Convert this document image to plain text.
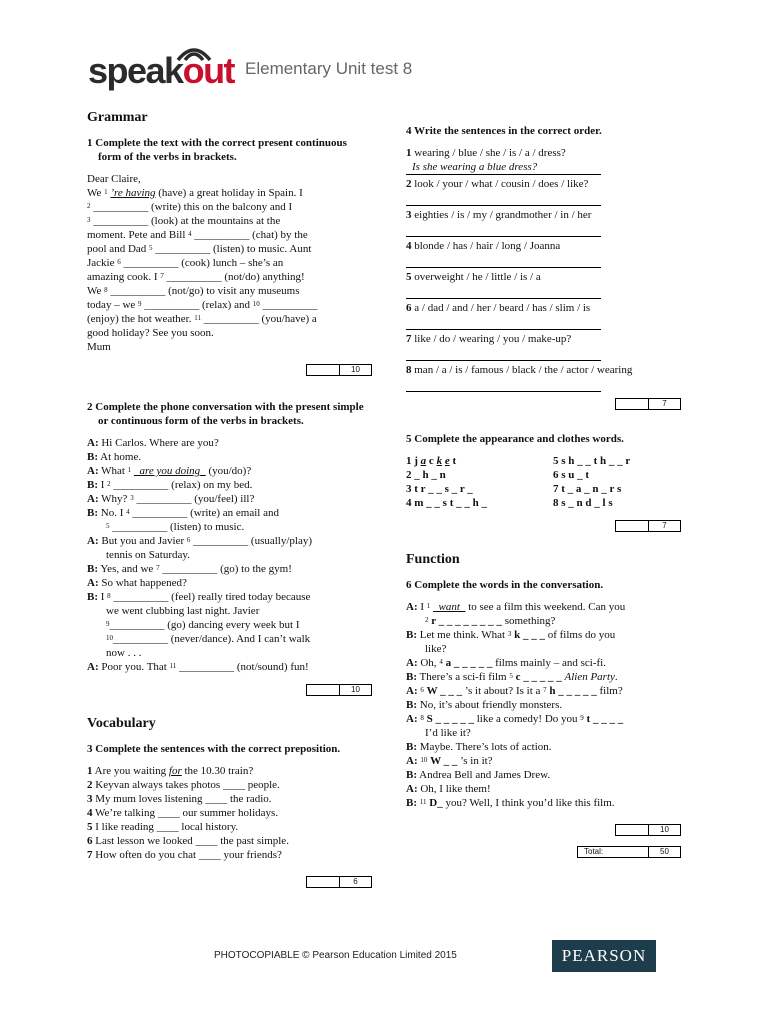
speakout Elementary Unit test 8
Grammar
1 Complete the text with the correct present continuous form of the verbs in brackets.
Dear Claire,
We $^1$ ’re having (have) a great holiday in Spain. I
$^2$ __________ (write) this on the balcony and I
$^3$ __________ (look) at the mountains at the
moment. Pete and Bill $^4$ __________ (chat) by the
pool and Dad $^5$ __________ (listen) to music. Aunt
Jackie $^6$ __________ (cook) lunch – she’s an
amazing cook. I $^7$ __________ (not/do) anything!
We $^8$ __________ (not/go) to visit any museums
today – we $^9$ __________ (relax) and $^{10}$ __________
(enjoy) the hot weather. $^{11}$ __________ (you/have) a
good holiday? See you soon.
Mum
10
2 Complete the phone conversation with the present simple or continuous form of the verbs in brackets.
A: Hi Carlos. Where are you?
B: At home.
A: What $^1$ _are you doing_ (you/do)?
B: I $^2$ __________ (relax) on my bed.
A: Why? $^3$ __________ (you/feel) ill?
B: No. I $^4$ __________ (write) an email and
$^5$ __________ (listen) to music.
A: But you and Javier $^6$ __________ (usually/play)
tennis on Saturday.
B: Yes, and we $^7$ __________ (go) to the gym!
A: So what happened?
B: I $^8$ __________ (feel) really tired today because
we went clubbing last night. Javier
$^9$__________ (go) dancing every week but I
$^{10}$__________ (never/dance). And I can’t walk
now . . .
A: Poor you. That $^{11}$ __________ (not/sound) fun!
10
Vocabulary
3 Complete the sentences with the correct preposition.
1 Are you waiting for the 10.30 train?
2 Keyvan always takes photos ____ people.
3 My mum loves listening ____ the radio.
4 We’re talking ____ our summer holidays.
5 I like reading ____ local history.
6 Last lesson we looked ____ the past simple.
7 How often do you chat ____ your friends?
6
4 Write the sentences in the correct order.
1 wearing / blue / she / is / a / dress?
Is she wearing a blue dress?
2 look / your / what / cousin / does / like?
3 eighties / is / my / grandmother / in / her
4 blonde / has / hair / long / Joanna
5 overweight / he / little / is / a
6 a / dad / and / her / beard / has / slim / is
7 like / do / wearing / you / make-up?
8 man / a / is / famous / black / the / actor / wearing
7
5 Complete the appearance and clothes words.
1 j a c k e t
2 _ h _ n
3 t r _ _ s _ r _
4 m _ _ s t _ _ h _
5 s h _ _ t h _ _ r
6 s u _ t
7 t _ a _ n _ r s
8 s _ n d _ l s
7
Function
6 Complete the words in the conversation.
A: I $^1$ _want_ to see a film this weekend. Can you
$^2$ r _ _ _ _ _ _ _ _ something?
B: Let me think. What $^3$ k _ _ _ of films do you
like?
A: Oh, $^4$ a _ _ _ _ _ films mainly – and sci-fi.
B: There’s a sci-fi film $^5$ c _ _ _ _ _ Alien Party.
A: $^6$ W _ _ _ ’s it about? Is it a $^7$ h _ _ _ _ _ film?
B: No, it’s about friendly monsters.
A: $^8$ S _ _ _ _ _ like a comedy! Do you $^9$ t _ _ _ _
I’d like it?
B: Maybe. There’s lots of action.
A: $^{10}$ W _ _ ’s in it?
B: Andrea Bell and James Drew.
A: Oh, I like them!
B: $^{11}$ D_ you? Well, I think you’d like this film.
10
Total:	50
PHOTOCOPIABLE © Pearson Education Limited 2015	PEARSON
